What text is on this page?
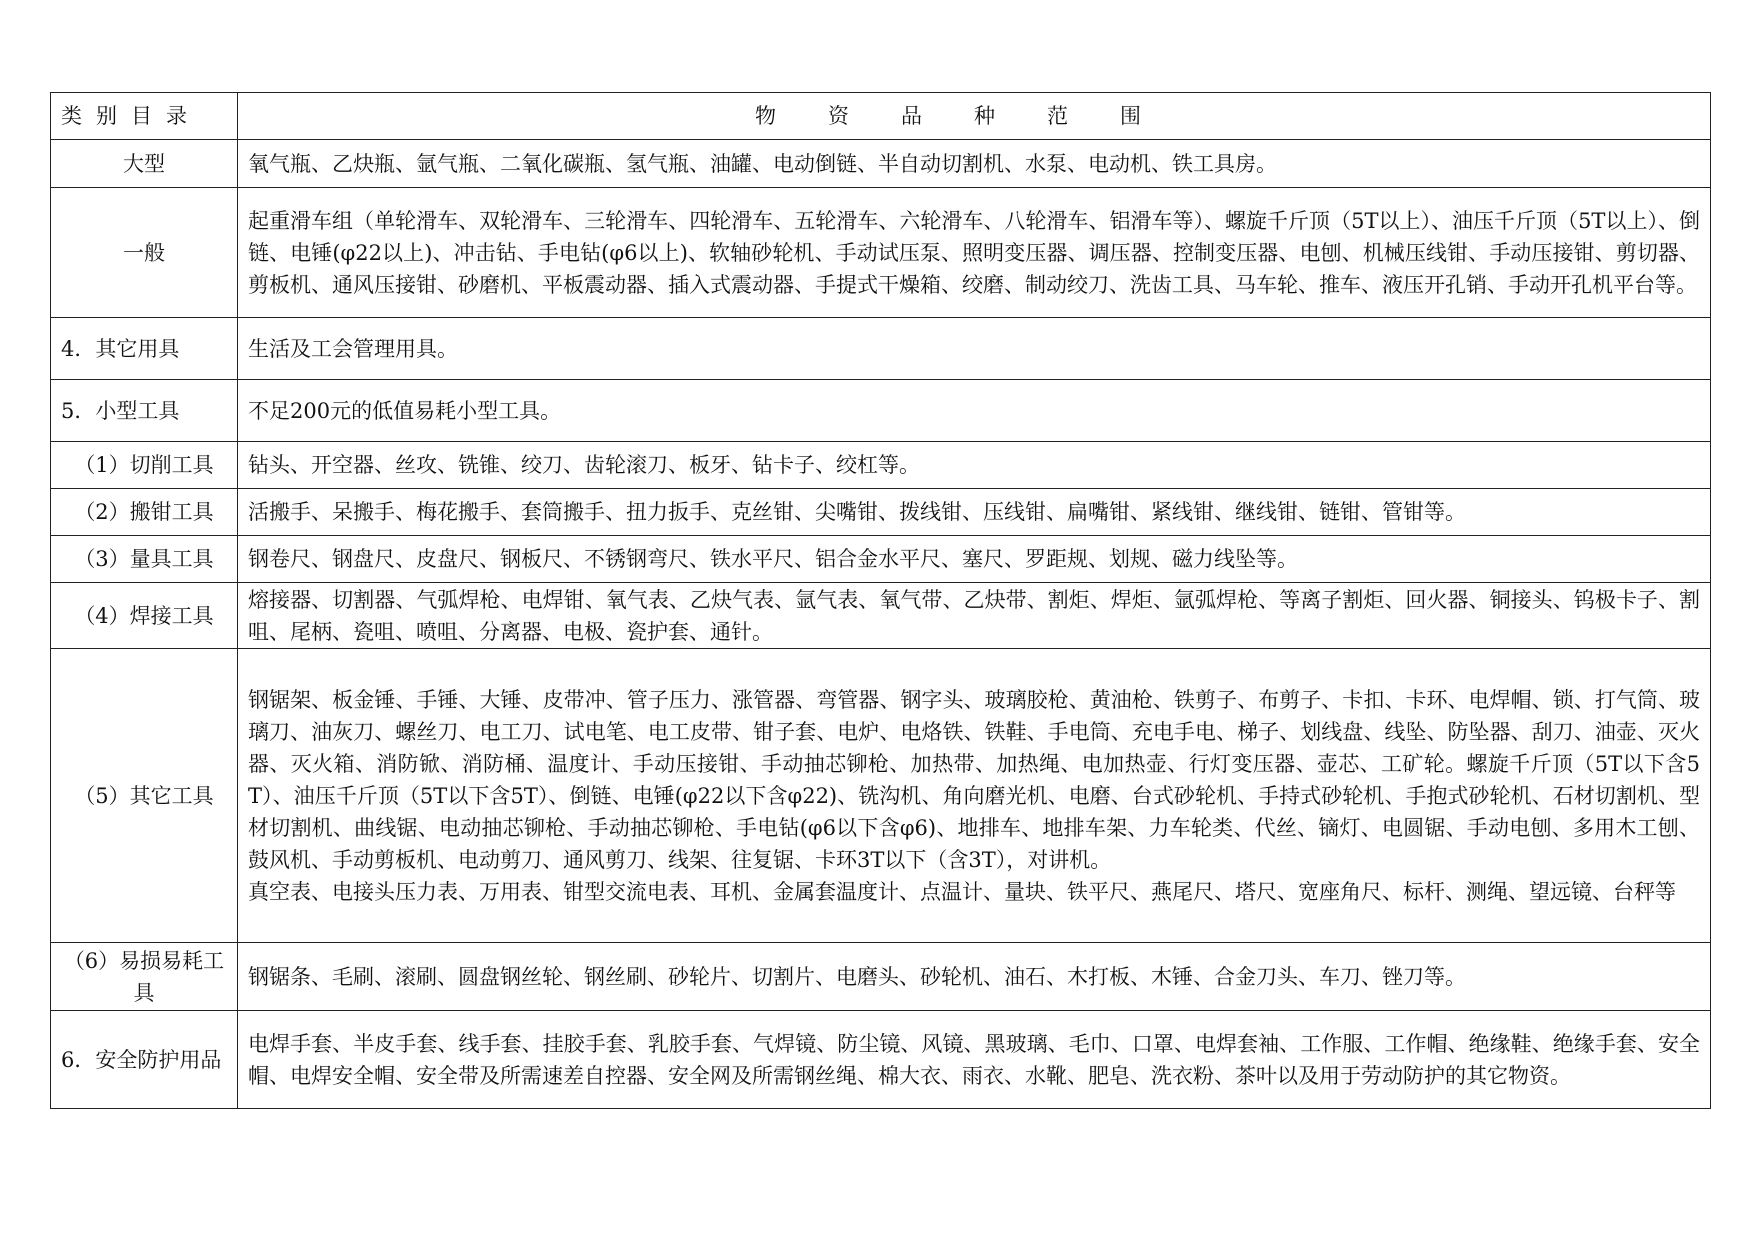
类别目录	物资品种范围
大型	氧气瓶、乙炔瓶、氩气瓶、二氧化碳瓶、氢气瓶、油罐、电动倒链、半自动切割机、水泵、电动机、铁工具房。

一般	起重滑车组（单轮滑车、双轮滑车、三轮滑车、四轮滑车、五轮滑车、六轮滑车、八轮滑车、铝滑车等）、螺旋千斤顶（5T以上）、油压千斤顶（5T以上）、倒链、电锤(φ22以上)、冲击钻、手电钻(φ6以上)、软轴砂轮机、手动试压泵、照明变压器、调压器、控制变压器、电刨、机械压线钳、手动压接钳、剪切器、剪板机、通风压接钳、砂磨机、平板震动器、插入式震动器、手提式干燥箱、绞磨、制动绞刀、洗齿工具、马车轮、推车、液压开孔销、手动开孔机平台等。

4．其它用具	生活及工会管理用具。

5．小型工具	不足200元的低值易耗小型工具。

（1）切削工具	钻头、开空器、丝攻、铣锥、绞刀、齿轮滚刀、板牙、钻卡子、绞杠等。

（2）搬钳工具	活搬手、呆搬手、梅花搬手、套筒搬手、扭力扳手、克丝钳、尖嘴钳、拨线钳、压线钳、扁嘴钳、紧线钳、继线钳、链钳、管钳等。

（3）量具工具	钢卷尺、钢盘尺、皮盘尺、钢板尺、不锈钢弯尺、铁水平尺、铝合金水平尺、塞尺、罗距规、划规、磁力线坠等。

（4）焊接工具	熔接器、切割器、气弧焊枪、电焊钳、氧气表、乙炔气表、氩气表、氧气带、乙炔带、割炬、焊炬、氩弧焊枪、等离子割炬、回火器、铜接头、钨极卡子、割咀、尾柄、瓷咀、喷咀、分离器、电极、瓷护套、通针。

（5）其它工具	钢锯架、板金锤、手锤、大锤、皮带冲、管子压力、涨管器、弯管器、钢字头、玻璃胶枪、黄油枪、铁剪子、布剪子、卡扣、卡环、电焊帽、锁、打气筒、玻璃刀、油灰刀、螺丝刀、电工刀、试电笔、电工皮带、钳子套、电炉、电烙铁、铁鞋、手电筒、充电手电、梯子、划线盘、线坠、防坠器、刮刀、油壶、灭火器、灭火箱、消防锨、消防桶、温度计、手动压接钳、手动抽芯铆枪、加热带、加热绳、电加热壶、行灯变压器、壶芯、工矿轮。螺旋千斤顶（5T以下含5T）、油压千斤顶（5T以下含5T）、倒链、电锤(φ22以下含φ22)、铣沟机、角向磨光机、电磨、台式砂轮机、手持式砂轮机、手抱式砂轮机、石材切割机、型材切割机、曲线锯、电动抽芯铆枪、手动抽芯铆枪、手电钻(φ6以下含φ6)、地排车、地排车架、力车轮类、代丝、镝灯、电圆锯、手动电刨、多用木工刨、鼓风机、手动剪板机、电动剪刀、通风剪刀、线架、往复锯、卡环3T以下（含3T），对讲机。
真空表、电接头压力表、万用表、钳型交流电表、耳机、金属套温度计、点温计、量块、铁平尺、燕尾尺、塔尺、宽座角尺、标杆、测绳、望远镜、台秤等

（6）易损易耗工具	钢锯条、毛刷、滚刷、圆盘钢丝轮、钢丝刷、砂轮片、切割片、电磨头、砂轮机、油石、木打板、木锤、合金刀头、车刀、锉刀等。

6．安全防护用品	电焊手套、半皮手套、线手套、挂胶手套、乳胶手套、气焊镜、防尘镜、风镜、黑玻璃、毛巾、口罩、电焊套袖、工作服、工作帽、绝缘鞋、绝缘手套、安全帽、电焊安全帽、安全带及所需速差自控器、安全网及所需钢丝绳、棉大衣、雨衣、水靴、肥皂、洗衣粉、茶叶以及用于劳动防护的其它物资。
